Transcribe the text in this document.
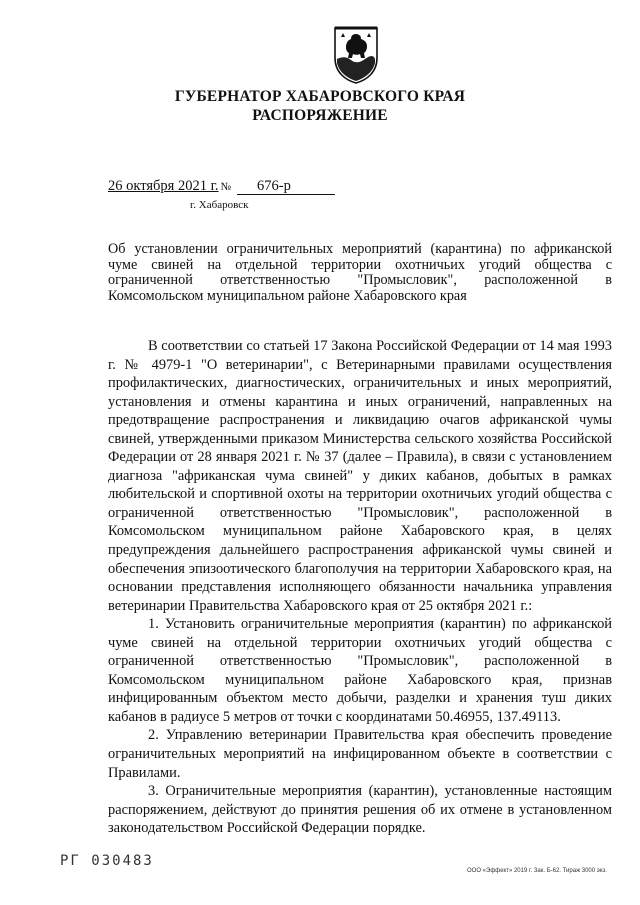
ГУБЕРНАТОР ХАБАРОВСКОГО КРАЯ
РАСПОРЯЖЕНИЕ
26 октября 2021 г. № 676-р
г. Хабаровск

Об установлении ограничительных мероприятий (карантина) по африканской чуме свиней на отдельной территории охотничьих угодий общества с ограниченной ответственностью "Промысловик", расположенной в Комсомольском муниципальном районе Хабаровского края

В соответствии со статьей 17 Закона Российской Федерации от 14 мая 1993 г. № 4979-1 "О ветеринарии", с Ветеринарными правилами осуществления профилактических, диагностических, ограничительных и иных мероприятий, установления и отмены карантина и иных ограничений, направленных на предотвращение распространения и ликвидацию очагов африканской чумы свиней, утвержденными приказом Министерства сельского хозяйства Российской Федерации от 28 января 2021 г. № 37 (далее – Правила), в связи с установлением диагноза "африканская чума свиней" у диких кабанов, добытых в рамках любительской и спортивной охоты на территории охотничьих угодий общества с ограниченной ответственностью "Промысловик", расположенной в Комсомольском муниципальном районе Хабаровского края, в целях предупреждения дальнейшего распространения африканской чумы свиней и обеспечения эпизоотического благополучия на территории Хабаровского края, на основании представления исполняющего обязанности начальника управления ветеринарии Правительства Хабаровского края от 25 октября 2021 г.:

1. Установить ограничительные мероприятия (карантин) по африканской чуме свиней на отдельной территории охотничьих угодий общества с ограниченной ответственностью "Промысловик", расположенной в Комсомольском муниципальном районе Хабаровского края, признав инфицированным объектом место добычи, разделки и хранения туш диких кабанов в радиусе 5 метров от точки с координатами 50.46955, 137.49113.

2. Управлению ветеринарии Правительства края обеспечить проведение ограничительных мероприятий на инфицированном объекте в соответствии с Правилами.

3. Ограничительные мероприятия (карантин), установленные настоящим распоряжением, действуют до принятия решения об их отмене в установленном законодательством Российской Федерации порядке.

РГ 030483
ООО «Эффект» 2019 г. Зак. Б-62. Тираж 3000 экз.
